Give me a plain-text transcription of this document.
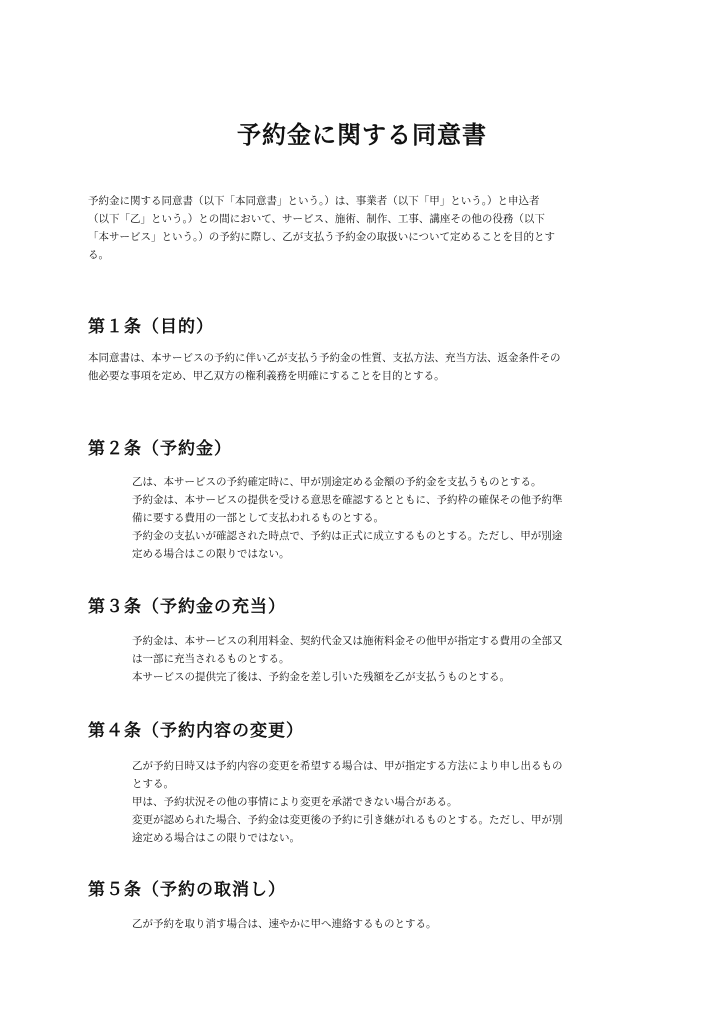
予約金に関する同意書
予約金に関する同意書（以下「本同意書」という。）は、事業者（以下「甲」という。）と申込者
（以下「乙」という。）との間において、サービス、施術、制作、工事、講座その他の役務（以下
「本サービス」という。）の予約に際し、乙が支払う予約金の取扱いについて定めることを目的とす
る。
第１条（目的）
本同意書は、本サービスの予約に伴い乙が支払う予約金の性質、支払方法、充当方法、返金条件その
他必要な事項を定め、甲乙双方の権利義務を明確にすることを目的とする。
第２条（予約金）
乙は、本サービスの予約確定時に、甲が別途定める金額の予約金を支払うものとする。
予約金は、本サービスの提供を受ける意思を確認するとともに、予約枠の確保その他予約準
備に要する費用の一部として支払われるものとする。
予約金の支払いが確認された時点で、予約は正式に成立するものとする。ただし、甲が別途
定める場合はこの限りではない。
第３条（予約金の充当）
予約金は、本サービスの利用料金、契約代金又は施術料金その他甲が指定する費用の全部又
は一部に充当されるものとする。
本サービスの提供完了後は、予約金を差し引いた残額を乙が支払うものとする。
第４条（予約内容の変更）
乙が予約日時又は予約内容の変更を希望する場合は、甲が指定する方法により申し出るもの
とする。
甲は、予約状況その他の事情により変更を承諾できない場合がある。
変更が認められた場合、予約金は変更後の予約に引き継がれるものとする。ただし、甲が別
途定める場合はこの限りではない。
第５条（予約の取消し）
乙が予約を取り消す場合は、速やかに甲へ連絡するものとする。
